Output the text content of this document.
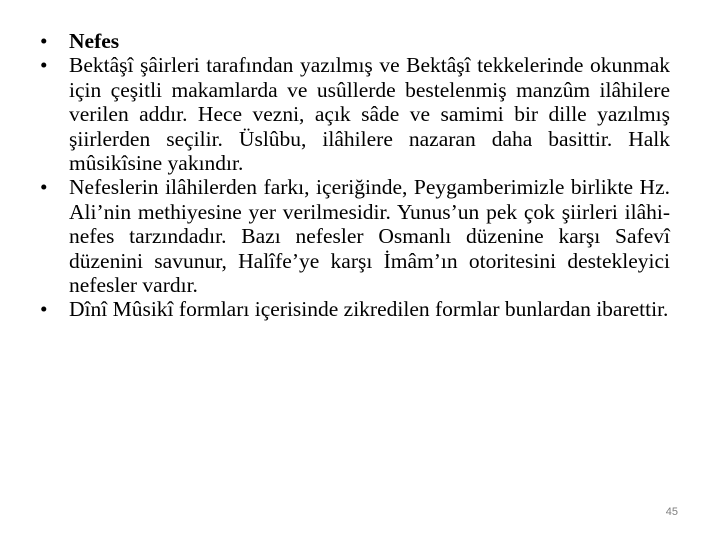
• Nefes
• Bektâşî şâirleri tarafından yazılmış ve Bektâşî tekkelerinde okunmak için çeşitli makamlarda ve usûllerde bestelenmiş manzûm ilâhilere verilen addır. Hece vezni, açık sâde ve samimi bir dille yazılmış şiirlerden seçilir. Üslûbu, ilâhilere nazaran daha basittir. Halk mûsikîsine yakındır.
• Nefeslerin ilâhilerden farkı, içeriğinde, Peygamberimizle birlikte Hz. Ali’nin methiyesine yer verilmesidir. Yunus’un pek çok şiirleri ilâhi-nefes tarzındadır. Bazı nefesler Osmanlı düzenine karşı Safevî düzenini savunur, Halîfe’ye karşı İmâm’ın otoritesini destekleyici nefesler vardır.
• Dînî Mûsikî formları içerisinde zikredilen formlar bunlardan ibarettir.
45
